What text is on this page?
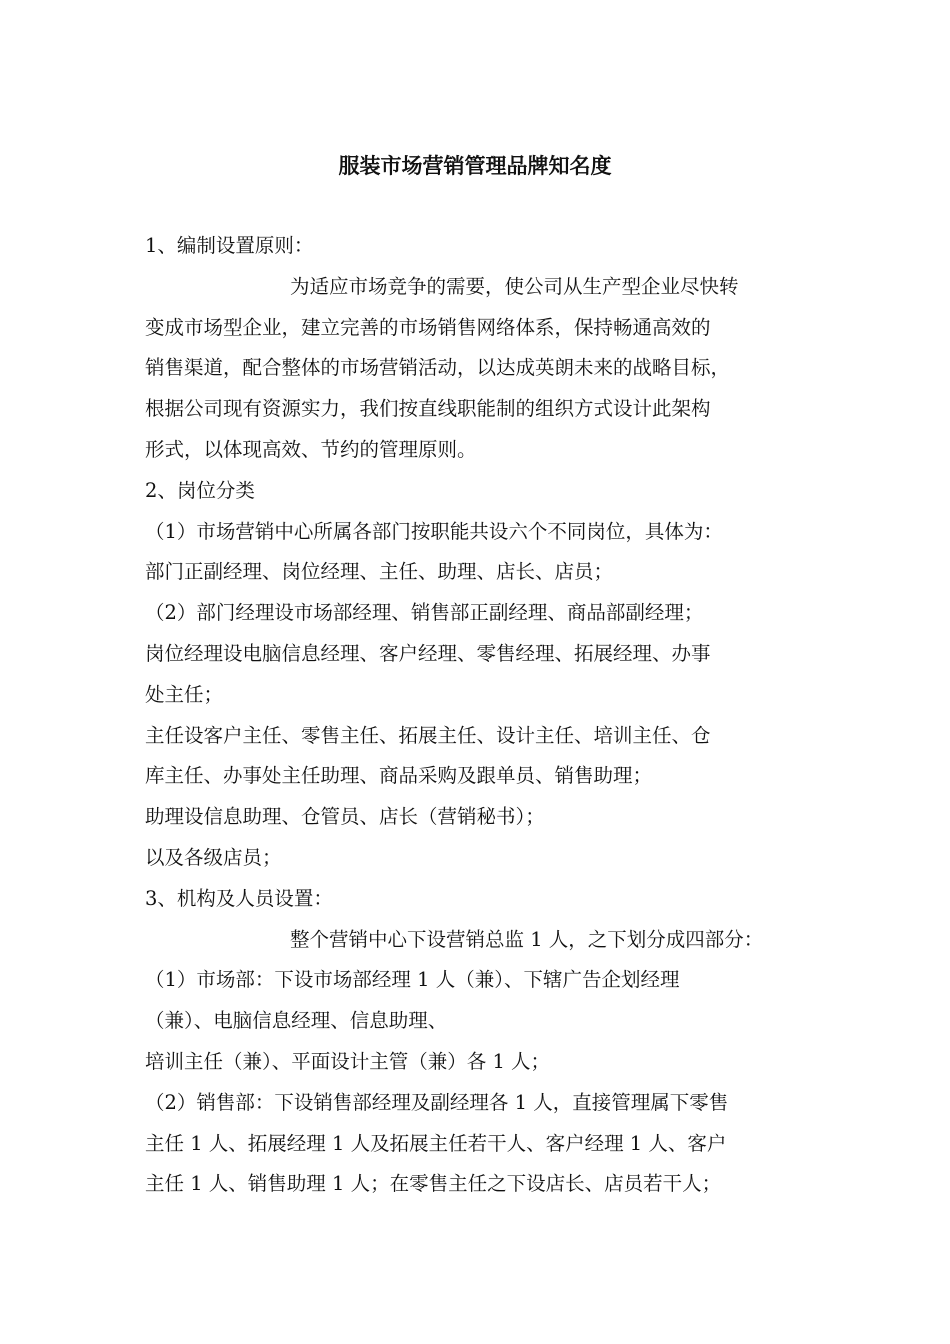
服装市场营销管理品牌知名度
1、编制设置原则：
为适应市场竞争的需要，使公司从生产型企业尽快转
变成市场型企业，建立完善的市场销售网络体系，保持畅通高效的
销售渠道，配合整体的市场营销活动，以达成英朗未来的战略目标，
根据公司现有资源实力，我们按直线职能制的组织方式设计此架构
形式，以体现高效、节约的管理原则。
2、岗位分类
（1）市场营销中心所属各部门按职能共设六个不同岗位，具体为：
部门正副经理、岗位经理、主任、助理、店长、店员；
（2）部门经理设市场部经理、销售部正副经理、商品部副经理；
岗位经理设电脑信息经理、客户经理、零售经理、拓展经理、办事
处主任；
主任设客户主任、零售主任、拓展主任、设计主任、培训主任、仓
库主任、办事处主任助理、商品采购及跟单员、销售助理；
助理设信息助理、仓管员、店长（营销秘书）；
以及各级店员；
3、机构及人员设置：
整个营销中心下设营销总监 1 人，之下划分成四部分：
（1）市场部：下设市场部经理 1 人（兼）、下辖广告企划经理
（兼）、电脑信息经理、信息助理、
培训主任（兼）、平面设计主管（兼）各 1 人；
（2）销售部：下设销售部经理及副经理各 1 人，直接管理属下零售
主任 1 人、拓展经理 1 人及拓展主任若干人、客户经理 1 人、客户
主任 1 人、销售助理 1 人；在零售主任之下设店长、店员若干人；
